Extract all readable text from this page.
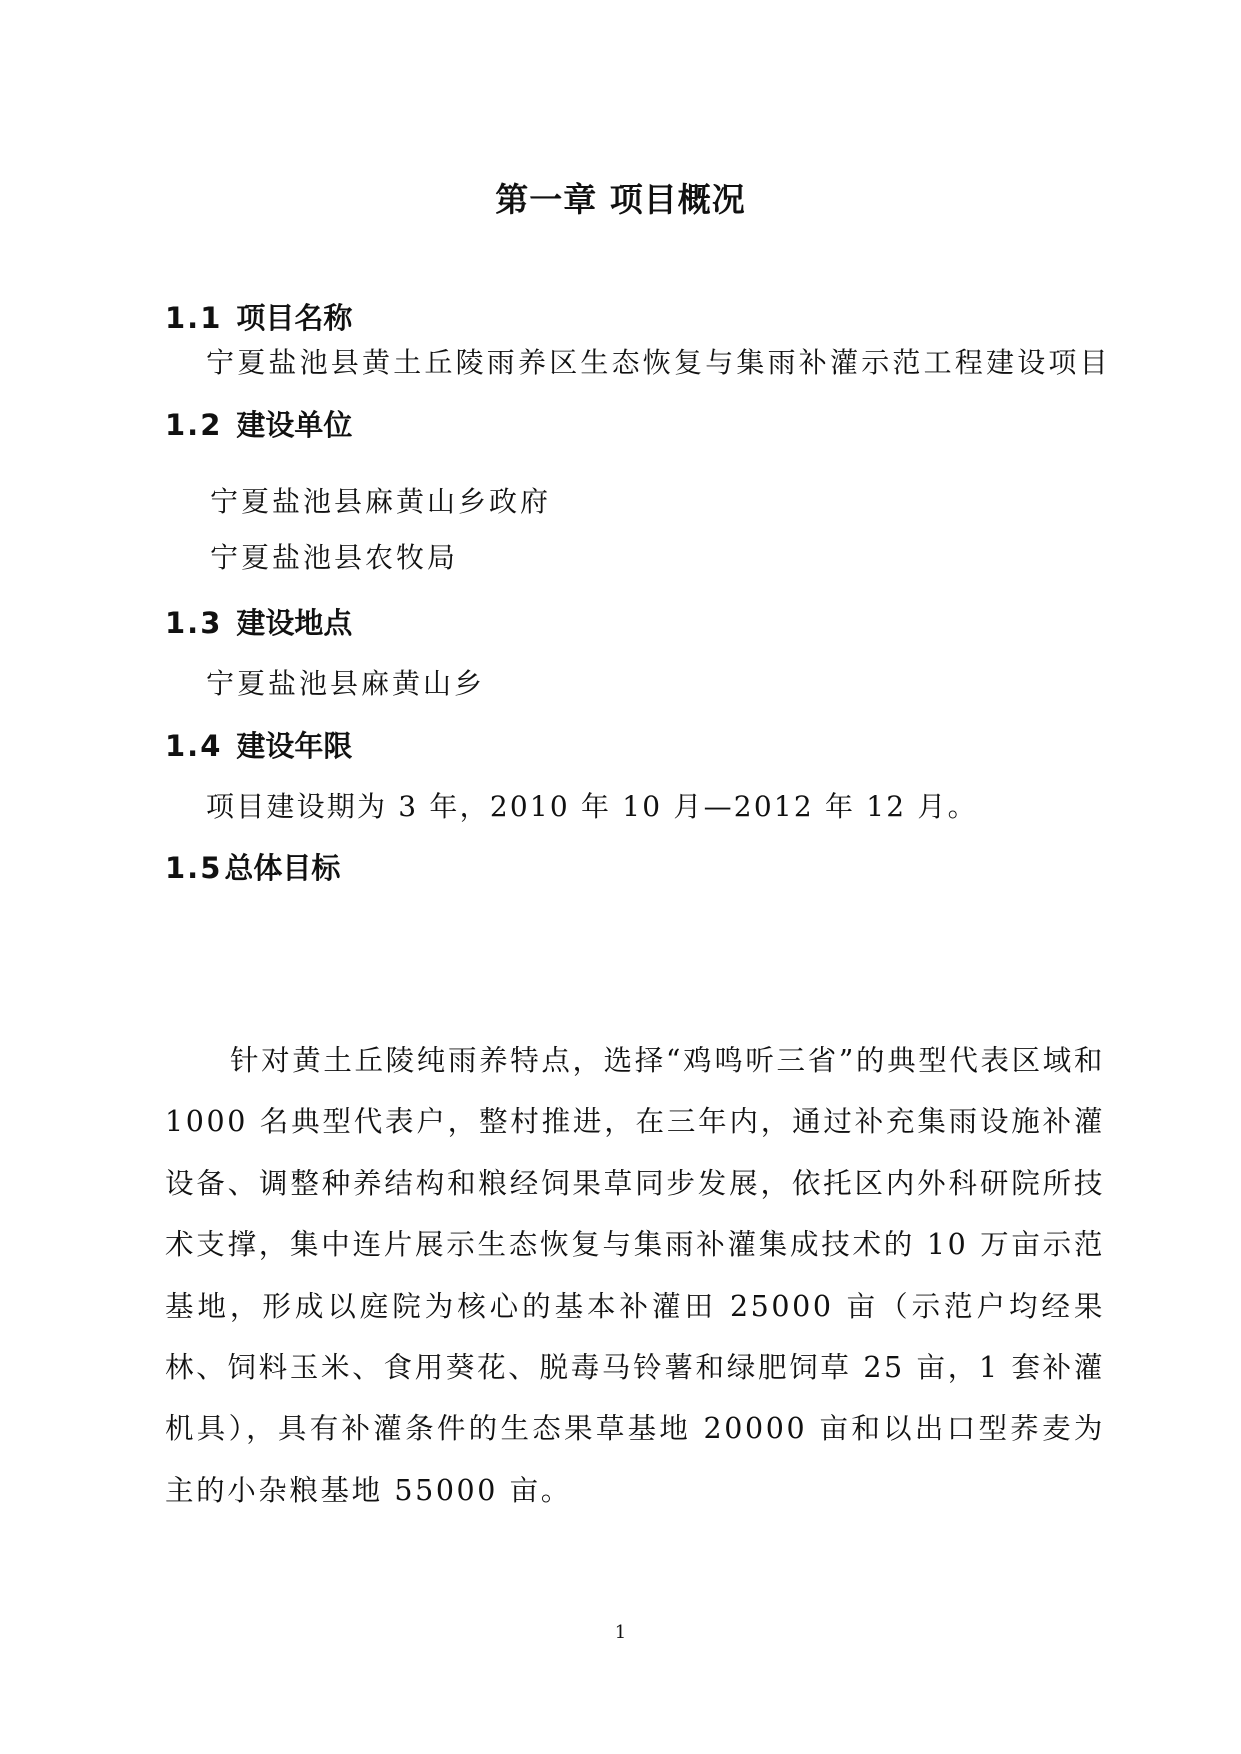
第一章 项目概况
1.1 项目名称
宁夏盐池县黄土丘陵雨养区生态恢复与集雨补灌示范工程建设项目
1.2 建设单位
宁夏盐池县麻黄山乡政府
宁夏盐池县农牧局
1.3 建设地点
宁夏盐池县麻黄山乡
1.4 建设年限
项目建设期为 3 年，2010 年 10 月—2012 年 12 月。
1.5总体目标
针对黄土丘陵纯雨养特点，选择“鸡鸣听三省”的典型代表区域和 1000 名典型代表户，整村推进，在三年内，通过补充集雨设施补灌设备、调整种养结构和粮经饲果草同步发展，依托区内外科研院所技术支撑，集中连片展示生态恢复与集雨补灌集成技术的 10 万亩示范基地，形成以庭院为核心的基本补灌田 25000 亩（示范户均经果林、饲料玉米、食用葵花、脱毒马铃薯和绿肥饲草 25 亩，1 套补灌机具），具有补灌条件的生态果草基地 20000 亩和以出口型荞麦为主的小杂粮基地 55000 亩。
1
